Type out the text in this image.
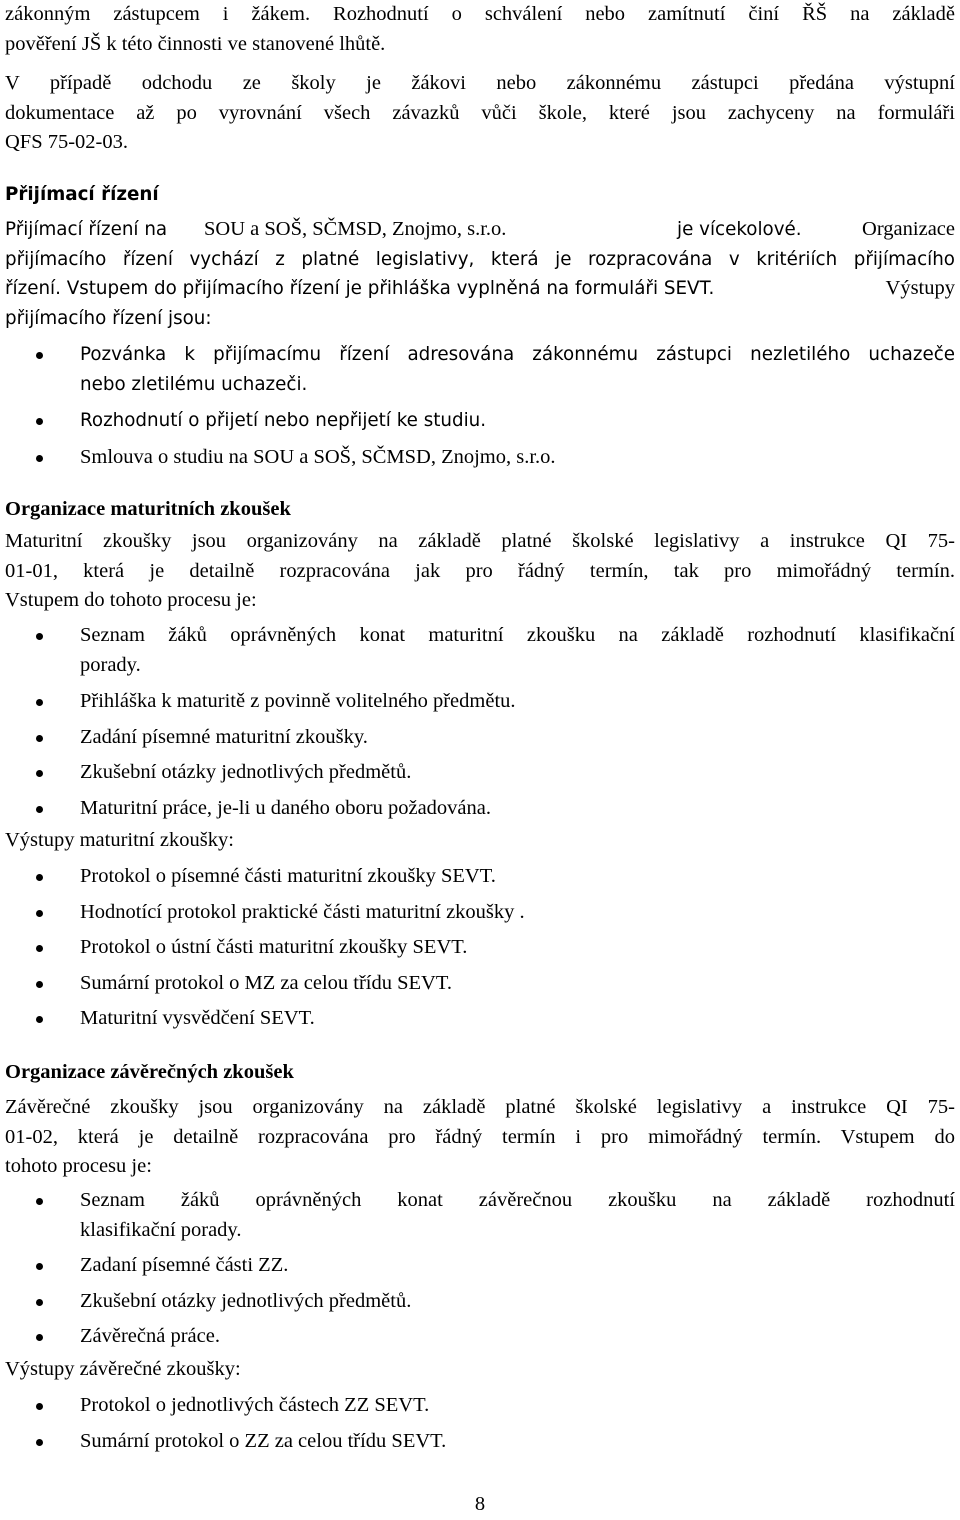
zákonným zástupcem i žákem. Rozhodnutí o schválení nebo zamítnutí činí ŘŠ na základě
pověření JŠ k této činnosti ve stanovené lhůtě.
V případě odchodu ze školy je žákovi nebo zákonnému zástupci předána výstupní
dokumentace až po vyrovnání všech závazků vůči škole, které jsou zachyceny na formuláři
QFS 75-02-03.
Přijímací řízení
Přijímací řízení na SOU a SOŠ, SČMSD, Znojmo, s.r.o.	je vícekolové.	Organizace
přijímacího řízení vychází z platné legislativy, která je rozpracována v kritériích přijímacího
řízení. Vstupem do přijímacího řízení je přihláška vyplněná na formuláři SEVT.	Výstupy
přijímacího řízení jsou:
Pozvánka k přijímacímu řízení adresována zákonnému zástupci nezletilého uchazeče
nebo zletilému uchazeči.
Rozhodnutí o přijetí nebo nepřijetí ke studiu.
Smlouva o studiu na SOU a SOŠ, SČMSD, Znojmo, s.r.o.
Organizace maturitních zkoušek
Maturitní zkoušky jsou organizovány na základě platné školské legislativy a instrukce QI 75-
01-01, která je detailně rozpracována jak pro řádný termín, tak pro mimořádný termín.
Vstupem do tohoto procesu je:
Seznam žáků oprávněných konat maturitní zkoušku na základě rozhodnutí klasifikační
porady.
Přihláška k maturitě z povinně volitelného předmětu.
Zadání písemné maturitní zkoušky.
Zkušební otázky jednotlivých předmětů.
Maturitní práce, je-li u daného oboru požadována.
Výstupy maturitní zkoušky:
Protokol o písemné části maturitní zkoušky SEVT.
Hodnotící protokol praktické části maturitní zkoušky .
Protokol o ústní části maturitní zkoušky SEVT.
Sumární protokol o MZ za celou třídu SEVT.
Maturitní vysvědčení SEVT.
Organizace závěrečných zkoušek
Závěrečné zkoušky jsou organizovány na základě platné školské legislativy a instrukce QI 75-
01-02, která je detailně rozpracována pro řádný termín i pro mimořádný termín. Vstupem do
tohoto procesu je:
Seznam žáků oprávněných konat závěrečnou zkoušku na základě rozhodnutí
klasifikační porady.
Zadaní písemné části ZZ.
Zkušební otázky jednotlivých předmětů.
Závěrečná práce.
Výstupy závěrečné zkoušky:
Protokol o jednotlivých částech ZZ SEVT.
Sumární protokol o ZZ za celou třídu SEVT.
8
